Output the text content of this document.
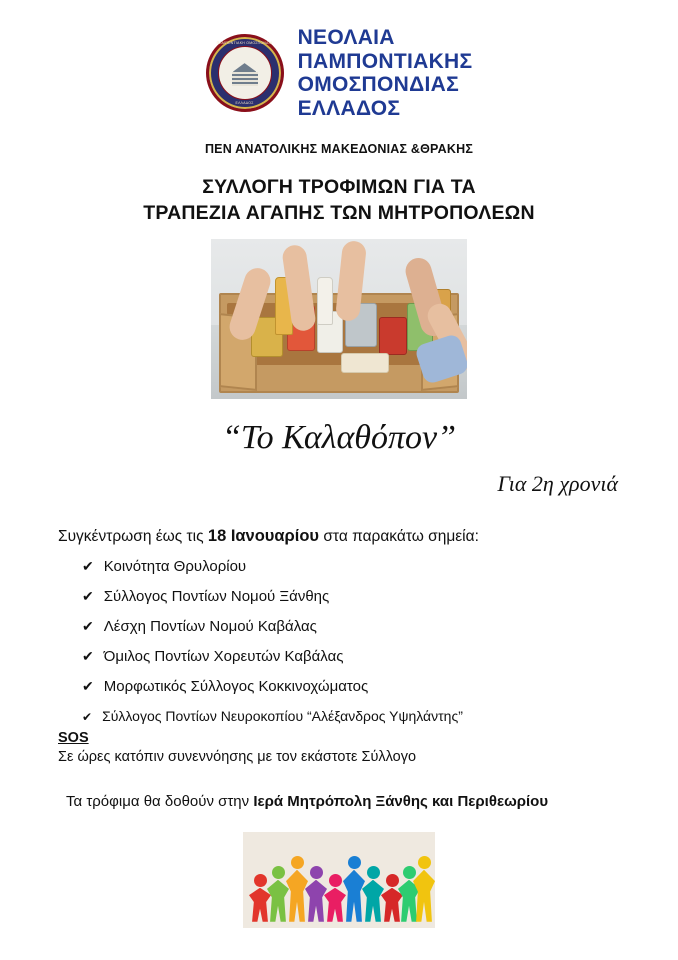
ΠΑΜΠΟΝΤΙΑΚΗ ΟΜΟΣΠΟΝΔΙΑ
ΕΛΛΑΔΟΣ
ΝΕΟΛΑΙΑ
ΠΑΜΠΟΝΤΙΑΚΗΣ
ΟΜΟΣΠΟΝΔΙΑΣ
ΕΛΛΑΔΟΣ
ΠΕΝ ΑΝΑΤΟΛΙΚΗΣ ΜΑΚΕΔΟΝΙΑΣ &ΘΡΑΚΗΣ
ΣΥΛΛΟΓΗ ΤΡΟΦΙΜΩΝ ΓΙΑ ΤΑ
ΤΡΑΠΕΖΙΑ ΑΓΑΠΗΣ ΤΩΝ ΜΗΤΡΟΠΟΛΕΩΝ
“Το Καλαθόπον”
Για 2η χρονιά
Συγκέντρωση έως τις 18 Ιανουαρίου στα παρακάτω σημεία:
✔ Κοινότητα Θρυλορίου
✔ Σύλλογος Ποντίων Νομού Ξάνθης
✔ Λέσχη Ποντίων Νομού Καβάλας
✔ Όμιλος Ποντίων Χορευτών Καβάλας
✔ Μορφωτικός Σύλλογος Κοκκινοχώματος
✔ Σύλλογος Ποντίων Νευροκοπίου “Αλέξανδρος Υψηλάντης”
SOS
Σε ώρες κατόπιν συνεννόησης με τον εκάστοτε Σύλλογο
Τα τρόφιμα θα δοθούν στην Ιερά Μητρόπολη Ξάνθης και Περιθεωρίου
